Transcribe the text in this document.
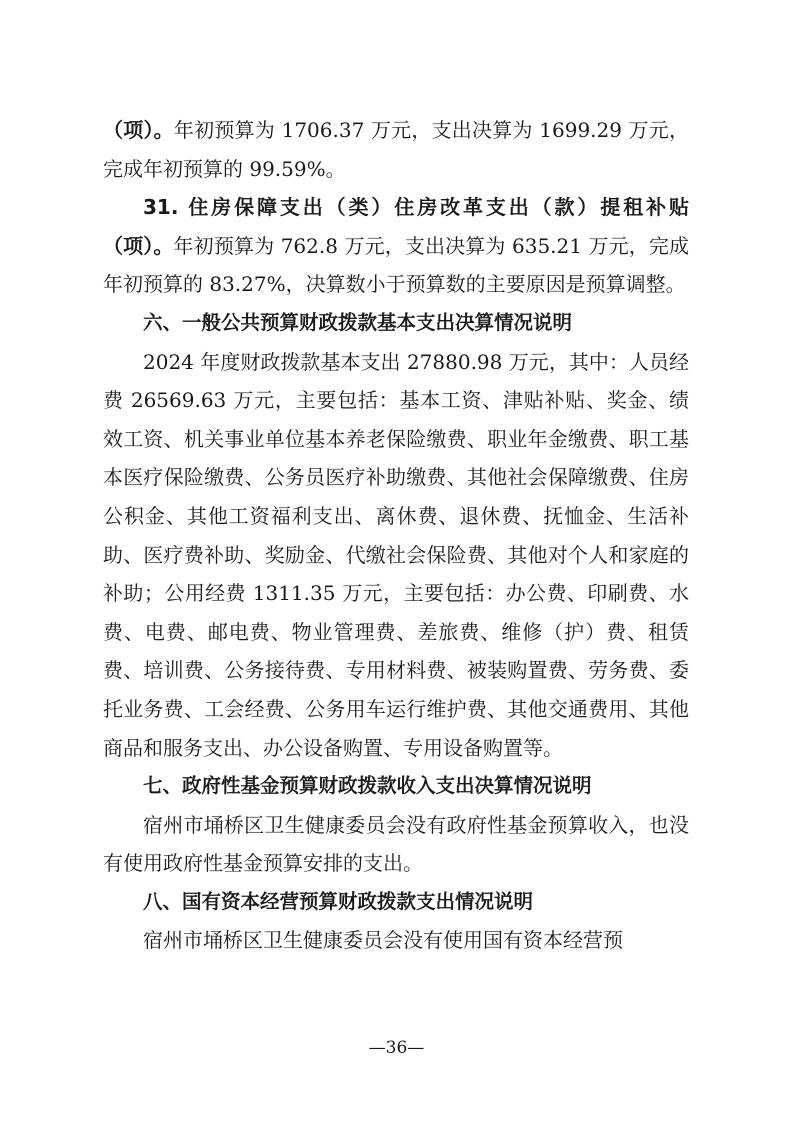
（项）。年初预算为 1706.37 万元，支出决算为 1699.29 万元，完成年初预算的 99.59%。

31. 住房保障支出（类）住房改革支出（款）提租补贴（项）。年初预算为 762.8 万元，支出决算为 635.21 万元，完成年初预算的 83.27%，决算数小于预算数的主要原因是预算调整。

六、一般公共预算财政拨款基本支出决算情况说明

2024 年度财政拨款基本支出 27880.98 万元，其中：人员经费 26569.63 万元，主要包括：基本工资、津贴补贴、奖金、绩效工资、机关事业单位基本养老保险缴费、职业年金缴费、职工基本医疗保险缴费、公务员医疗补助缴费、其他社会保障缴费、住房公积金、其他工资福利支出、离休费、退休费、抚恤金、生活补助、医疗费补助、奖励金、代缴社会保险费、其他对个人和家庭的补助；公用经费 1311.35 万元，主要包括：办公费、印刷费、水费、电费、邮电费、物业管理费、差旅费、维修（护）费、租赁费、培训费、公务接待费、专用材料费、被装购置费、劳务费、委托业务费、工会经费、公务用车运行维护费、其他交通费用、其他商品和服务支出、办公设备购置、专用设备购置等。

七、政府性基金预算财政拨款收入支出决算情况说明

宿州市埇桥区卫生健康委员会没有政府性基金预算收入，也没有使用政府性基金预算安排的支出。

八、国有资本经营预算财政拨款支出情况说明

宿州市埇桥区卫生健康委员会没有使用国有资本经营预

—36—
